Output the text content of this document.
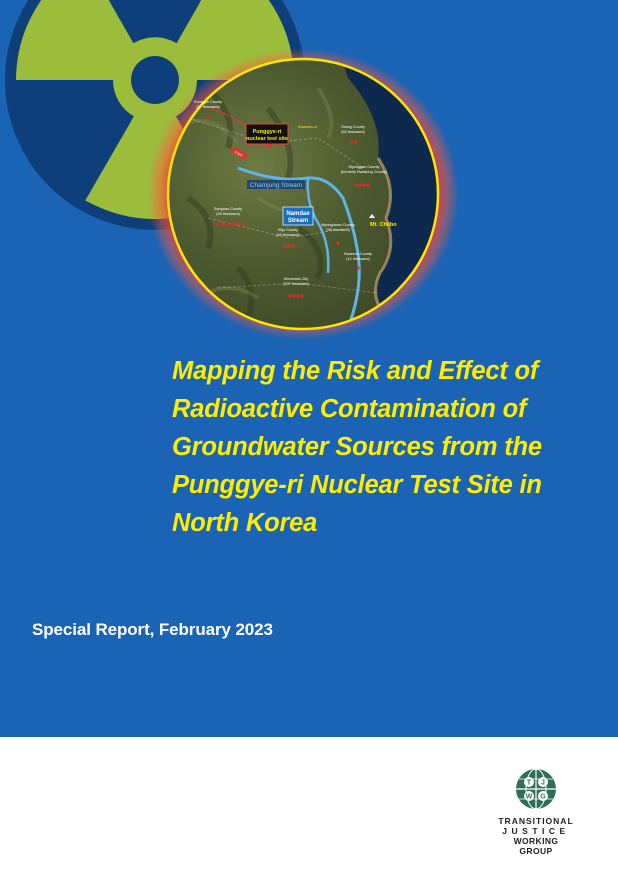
Punggye-ri
nuclear test site
4 km
Kwanmo-ri
Chamjung Stream
Namdae
Stream
Mt. Chilbo
Punggye County
(87 thousand)
Orang County
(83 thousand)
Myonggan County
(formerly Hwasong County)
Sanghan County
(45 thousand)
Kilju County
(49 thousand)
Myonghwan County
(95 thousand)
Kwanmo County
(12 thousand)
Kimchaek City
(207 thousand)
Mapping the Risk and Effect of Radioactive Contamination of Groundwater Sources from the Punggye-ri Nuclear Test Site in North Korea

Special Report, February 2023

T J
W G

TRANSITIONAL

JUSTICE

WORKING GROUP
